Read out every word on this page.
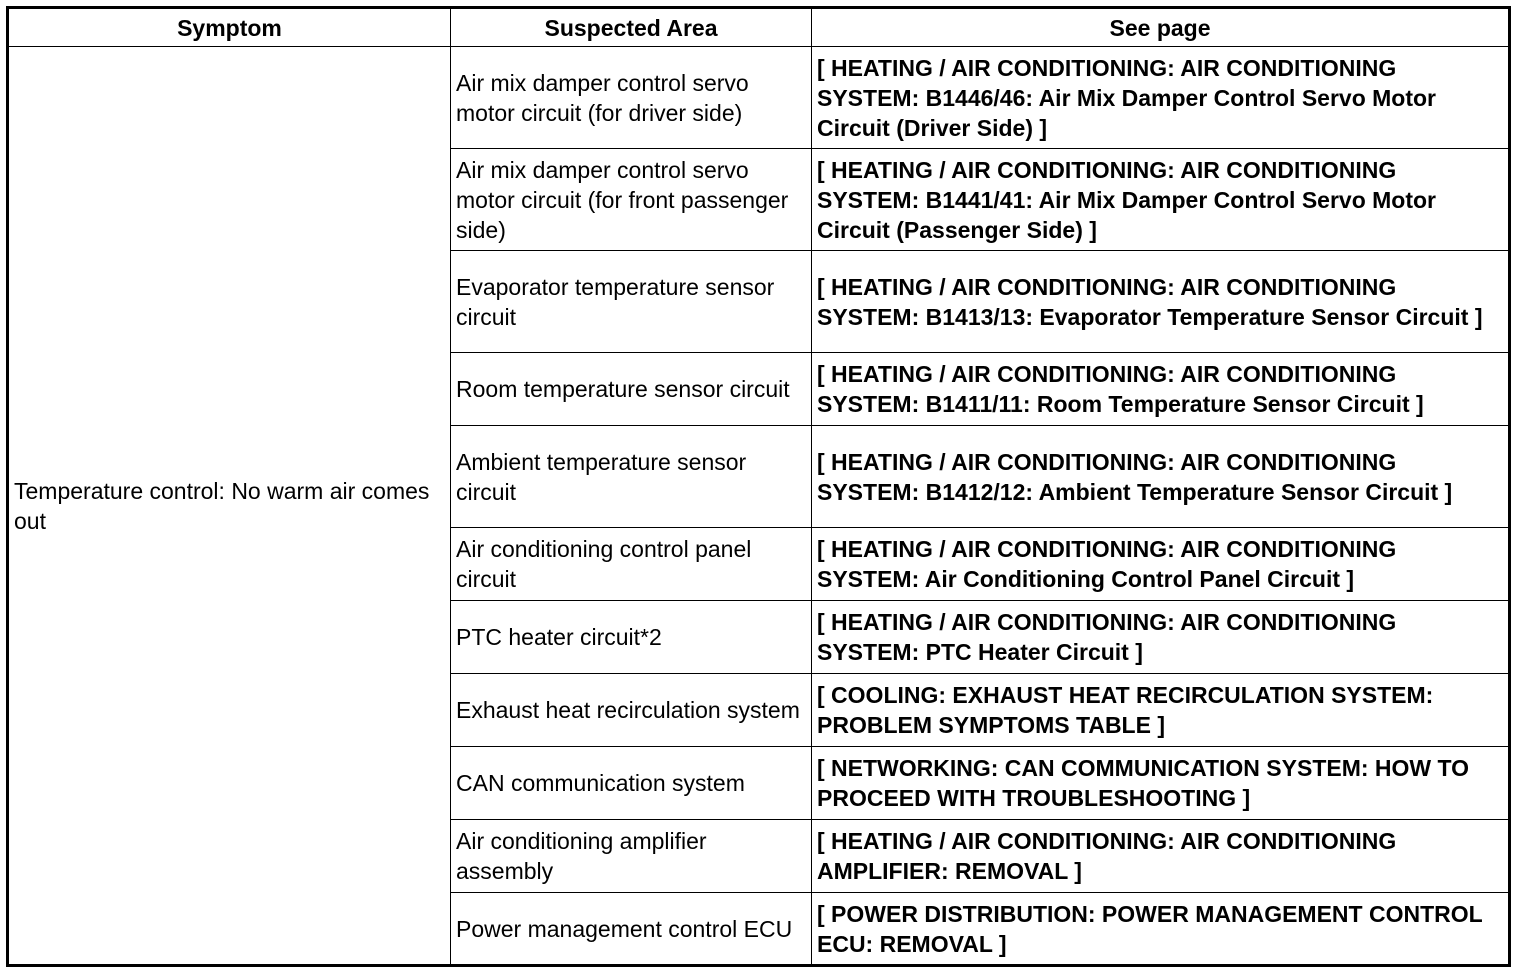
Symptom	Suspected Area	See page
Temperature control: No warm air comes out	Air mix damper control servo motor circuit (for driver side)	[ HEATING / AIR CONDITIONING: AIR CONDITIONING SYSTEM: B1446/46: Air Mix Damper Control Servo Motor Circuit (Driver Side) ]
	Air mix damper control servo motor circuit (for front passenger side)	[ HEATING / AIR CONDITIONING: AIR CONDITIONING SYSTEM: B1441/41: Air Mix Damper Control Servo Motor Circuit (Passenger Side) ]
	Evaporator temperature sensor circuit	[ HEATING / AIR CONDITIONING: AIR CONDITIONING SYSTEM: B1413/13: Evaporator Temperature Sensor Circuit ]
	Room temperature sensor circuit	[ HEATING / AIR CONDITIONING: AIR CONDITIONING SYSTEM: B1411/11: Room Temperature Sensor Circuit ]
	Ambient temperature sensor circuit	[ HEATING / AIR CONDITIONING: AIR CONDITIONING SYSTEM: B1412/12: Ambient Temperature Sensor Circuit ]
	Air conditioning control panel circuit	[ HEATING / AIR CONDITIONING: AIR CONDITIONING SYSTEM: Air Conditioning Control Panel Circuit ]
	PTC heater circuit*2	[ HEATING / AIR CONDITIONING: AIR CONDITIONING SYSTEM: PTC Heater Circuit ]
	Exhaust heat recirculation system	[ COOLING: EXHAUST HEAT RECIRCULATION SYSTEM: PROBLEM SYMPTOMS TABLE ]
	CAN communication system	[ NETWORKING: CAN COMMUNICATION SYSTEM: HOW TO PROCEED WITH TROUBLESHOOTING ]
	Air conditioning amplifier assembly	[ HEATING / AIR CONDITIONING: AIR CONDITIONING AMPLIFIER: REMOVAL ]
	Power management control ECU	[ POWER DISTRIBUTION: POWER MANAGEMENT CONTROL ECU: REMOVAL ]
